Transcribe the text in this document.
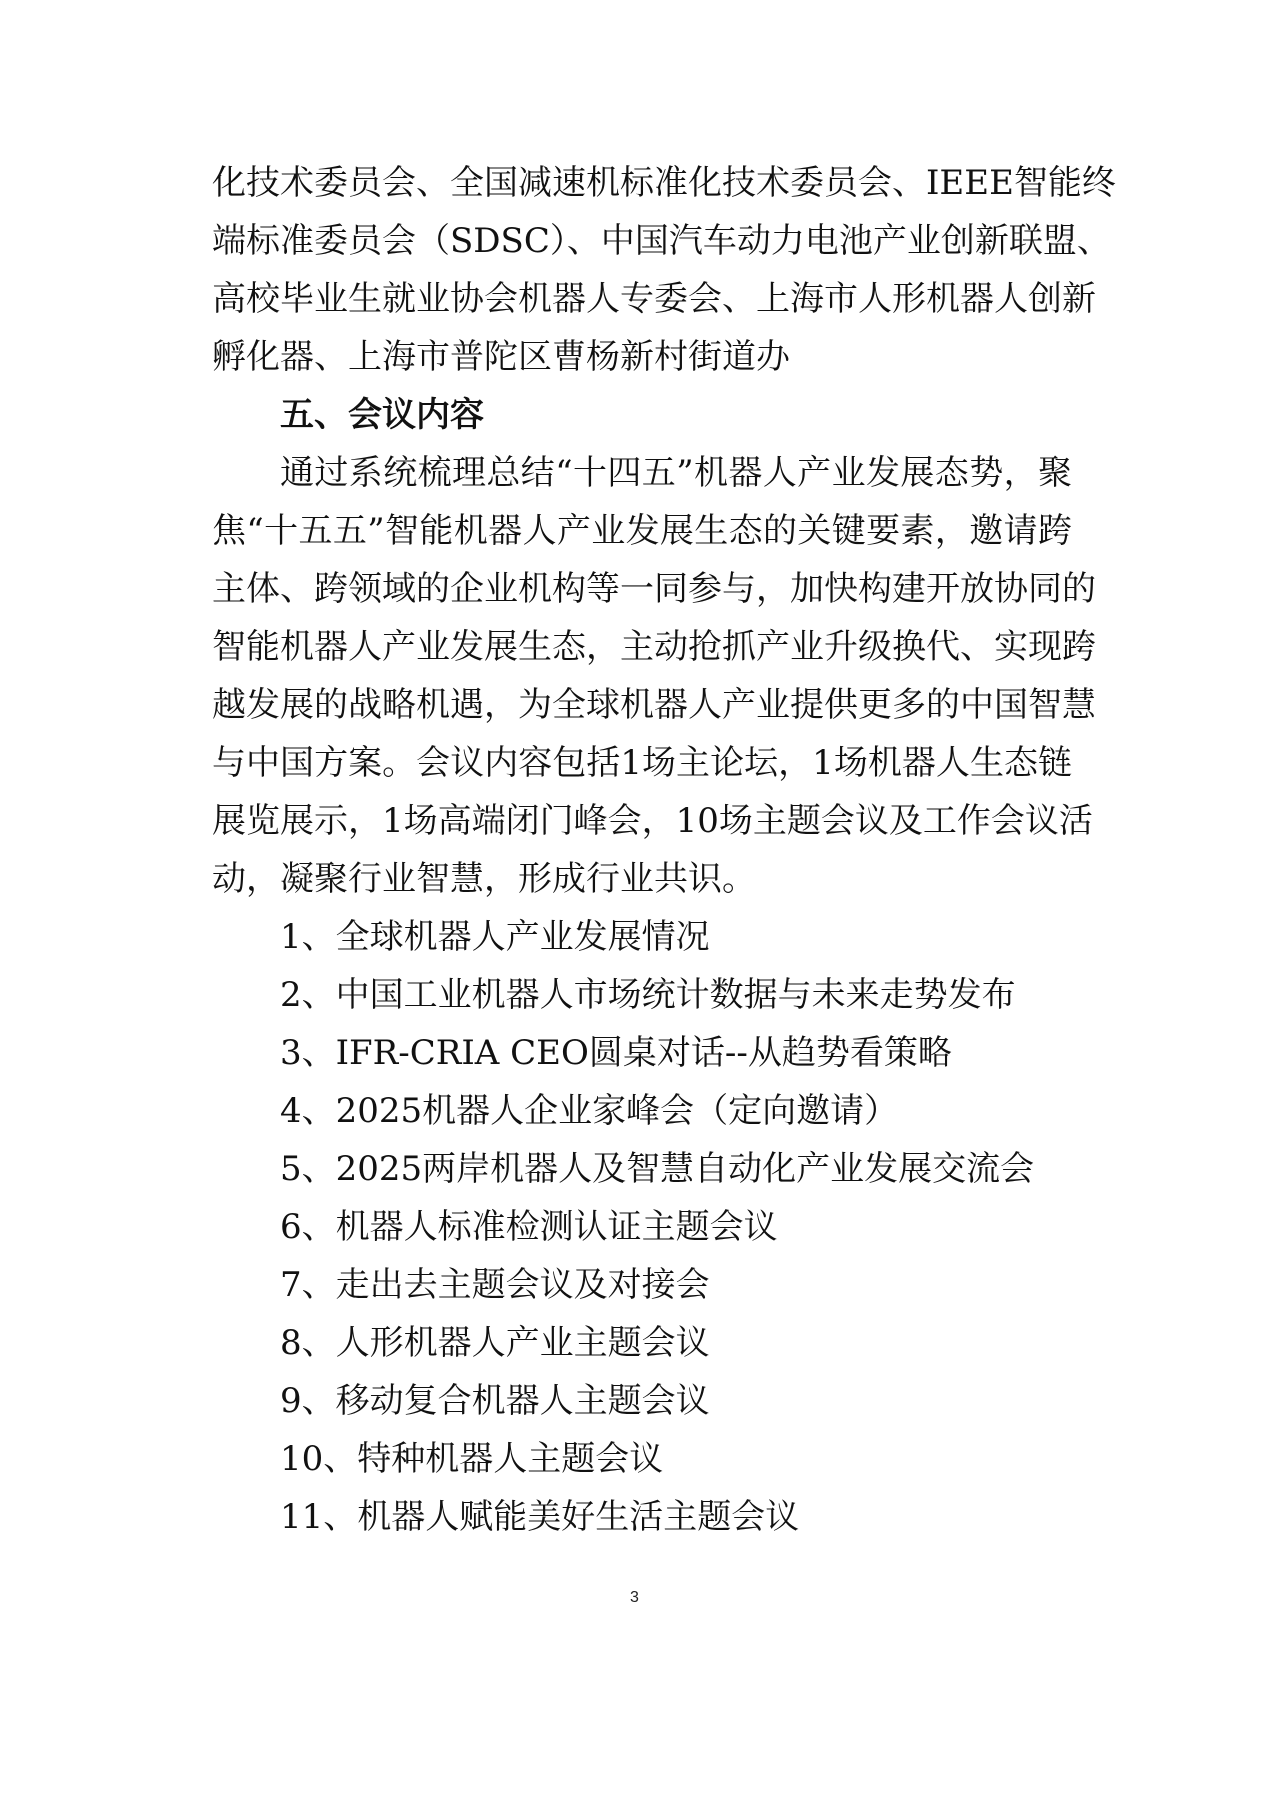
化技术委员会、全国减速机标准化技术委员会、IEEE智能终
端标准委员会（SDSC）、中国汽车动力电池产业创新联盟、
高校毕业生就业协会机器人专委会、上海市人形机器人创新
孵化器、上海市普陀区曹杨新村街道办
五、会议内容
通过系统梳理总结“十四五”机器人产业发展态势，聚
焦“十五五”智能机器人产业发展生态的关键要素，邀请跨
主体、跨领域的企业机构等一同参与，加快构建开放协同的
智能机器人产业发展生态，主动抢抓产业升级换代、实现跨
越发展的战略机遇，为全球机器人产业提供更多的中国智慧
与中国方案。会议内容包括1场主论坛，1场机器人生态链
展览展示，1场高端闭门峰会，10场主题会议及工作会议活
动，凝聚行业智慧，形成行业共识。
1、全球机器人产业发展情况
2、中国工业机器人市场统计数据与未来走势发布
3、IFR-CRIA CEO圆桌对话--从趋势看策略
4、2025机器人企业家峰会（定向邀请）
5、2025两岸机器人及智慧自动化产业发展交流会
6、机器人标准检测认证主题会议
7、走出去主题会议及对接会
8、人形机器人产业主题会议
9、移动复合机器人主题会议
10、特种机器人主题会议
11、机器人赋能美好生活主题会议
3
